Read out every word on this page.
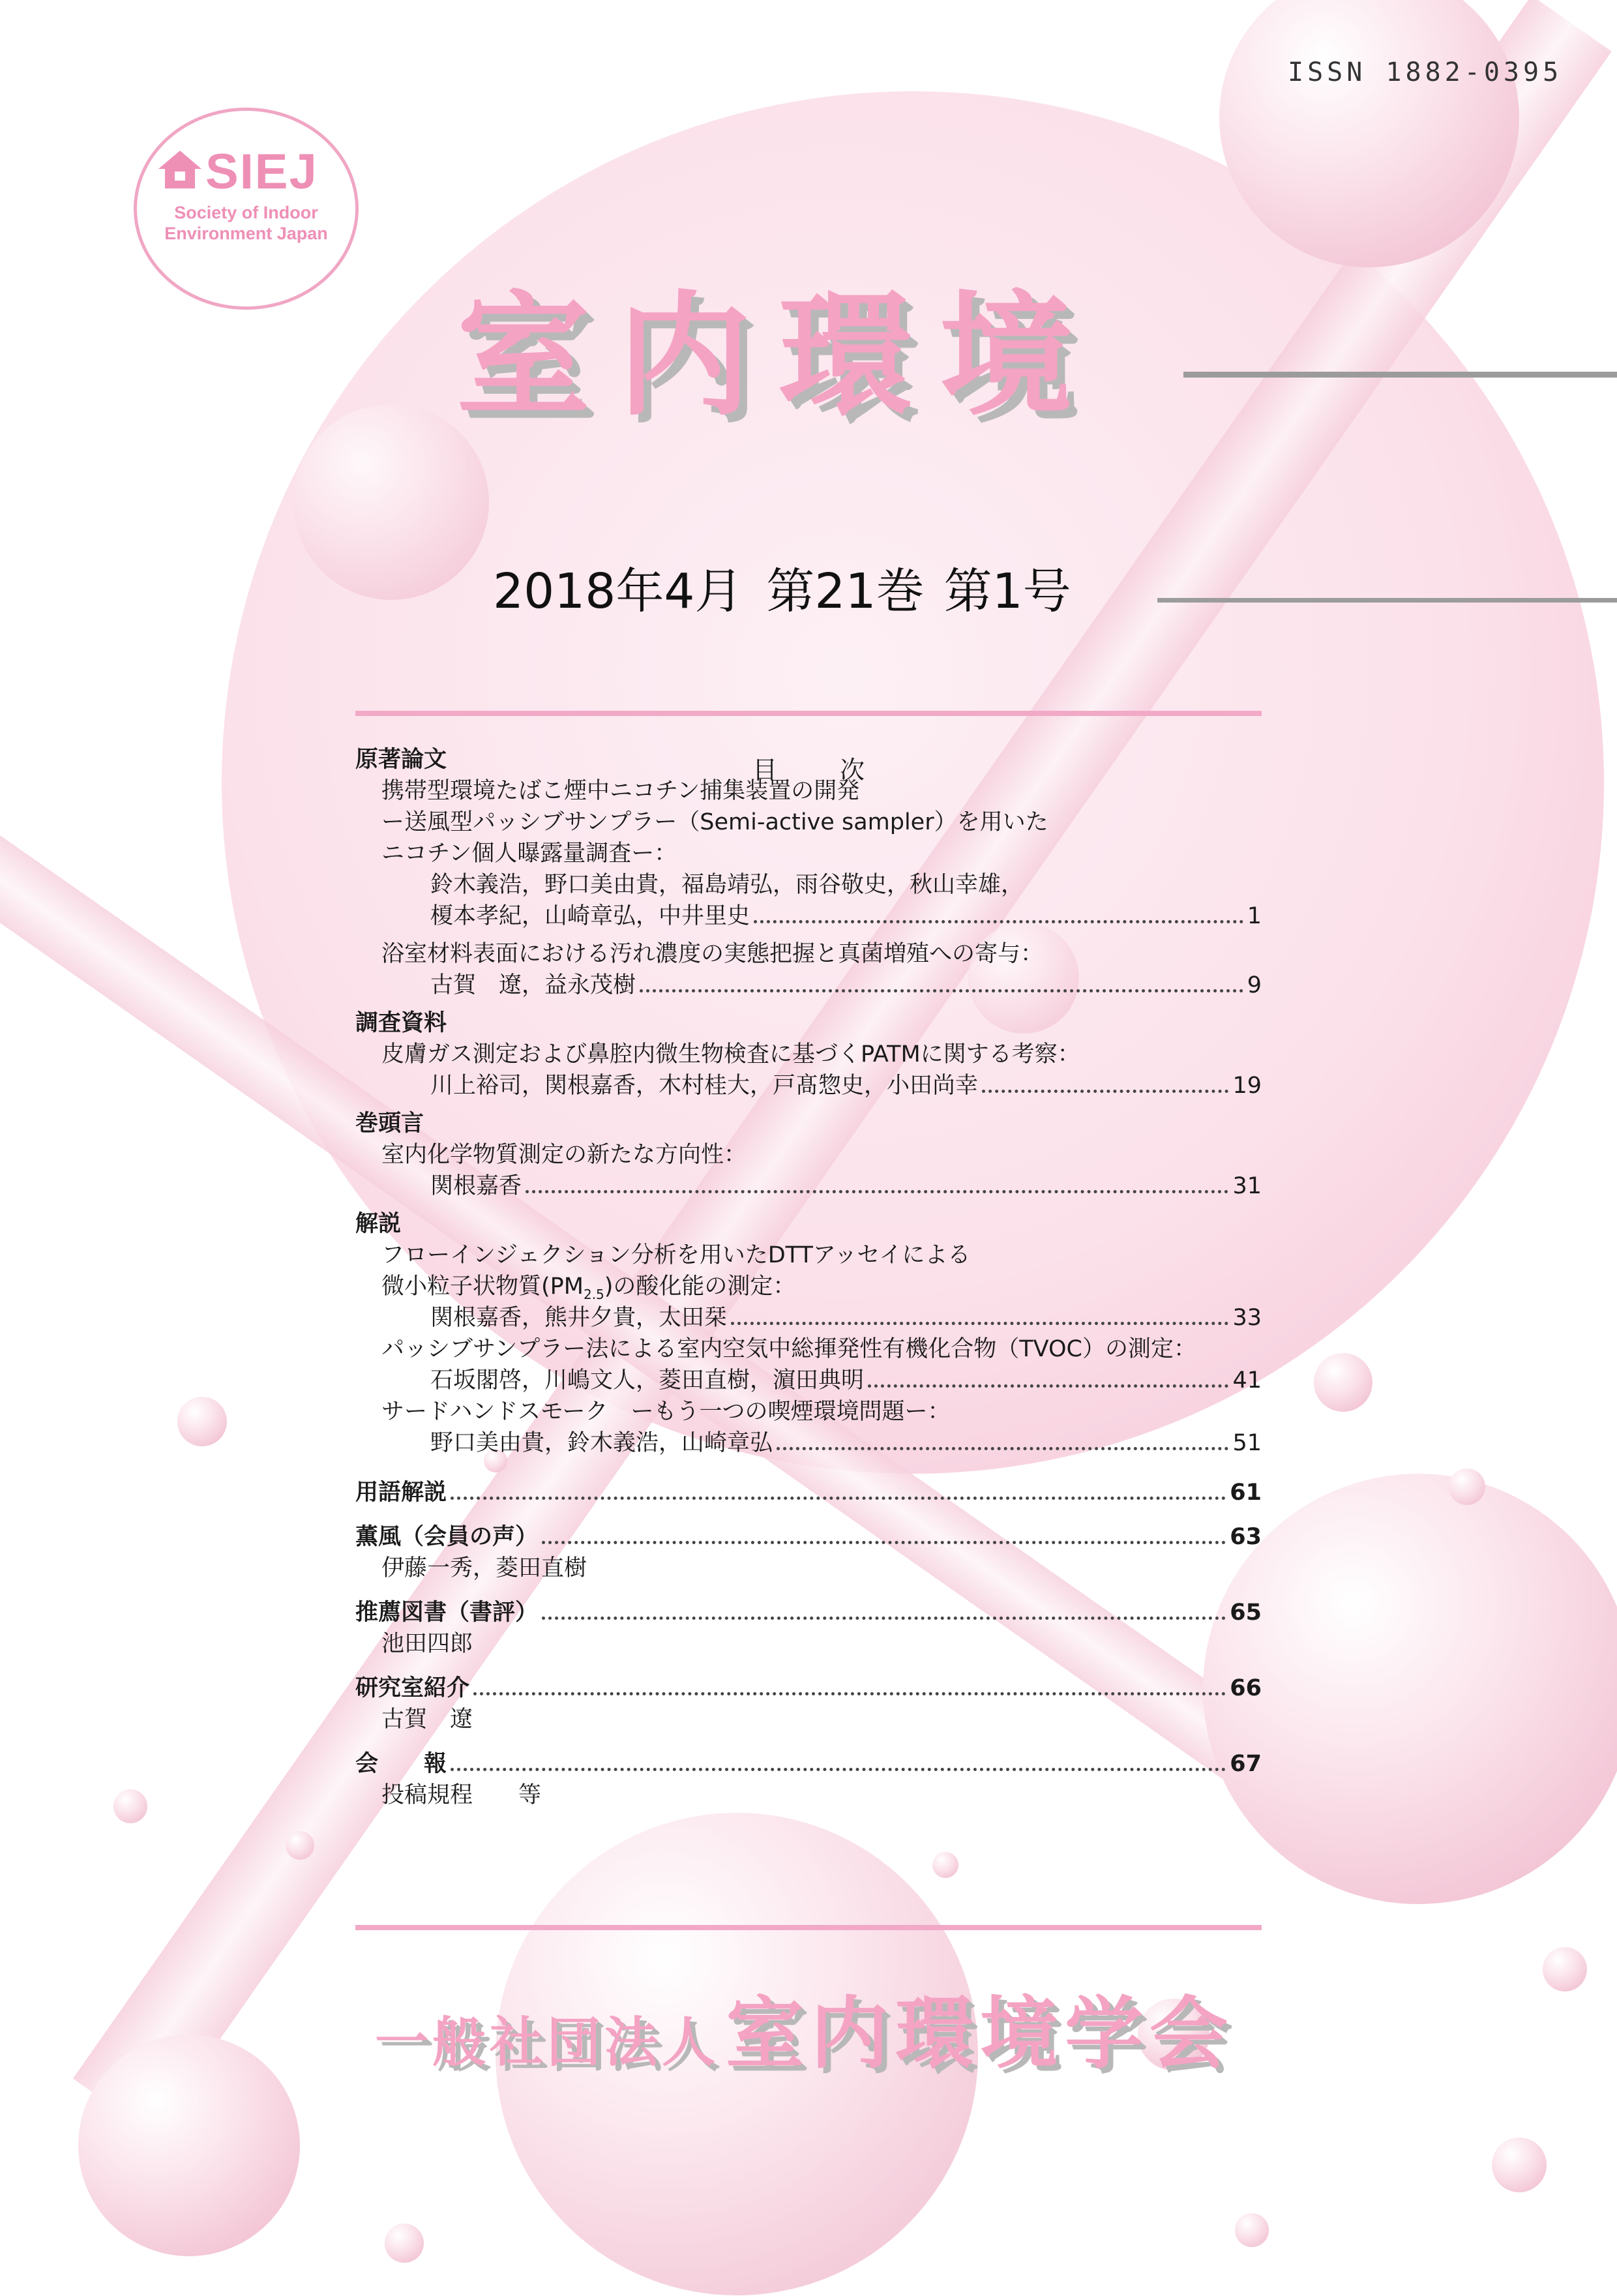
ISSN 1882-0395
SIEJ
Society of Indoor
Environment Japan
室内環境
2018年4月 第21巻 第1号
目次
原著論文
携帯型環境たばこ煙中ニコチン捕集装置の開発
ー送風型パッシブサンプラー（Semi-active sampler）を用いた
ニコチン個人曝露量調査ー：
鈴木義浩，野口美由貴，福島靖弘，雨谷敬史，秋山幸雄，
榎本孝紀，山崎章弘，中井里史	1
浴室材料表面における汚れ濃度の実態把握と真菌増殖への寄与：
古賀　遼，益永茂樹	9
調査資料
皮膚ガス測定および鼻腔内微生物検査に基づくPATMに関する考察：
川上裕司，関根嘉香，木村桂大，戸髙惣史，小田尚幸	19
巻頭言
室内化学物質測定の新たな方向性：
関根嘉香	31
解説
フローインジェクション分析を用いたDTTアッセイによる
微小粒子状物質$(PM_{2.5})$の酸化能の測定：
関根嘉香，熊井夕貴，太田栞	33
パッシブサンプラー法による室内空気中総揮発性有機化合物（TVOC）の測定：
石坂閣啓，川嶋文人，菱田直樹，濵田典明	41
サードハンドスモーク　ーもう一つの喫煙環境問題ー：
野口美由貴，鈴木義浩，山崎章弘	51
用語解説	61
薫風（会員の声）	63
伊藤一秀，菱田直樹
推薦図書（書評）	65
池田四郎
研究室紹介	66
古賀　遼
会　　報	67
投稿規程　　等
一般社団法人室内環境学会
